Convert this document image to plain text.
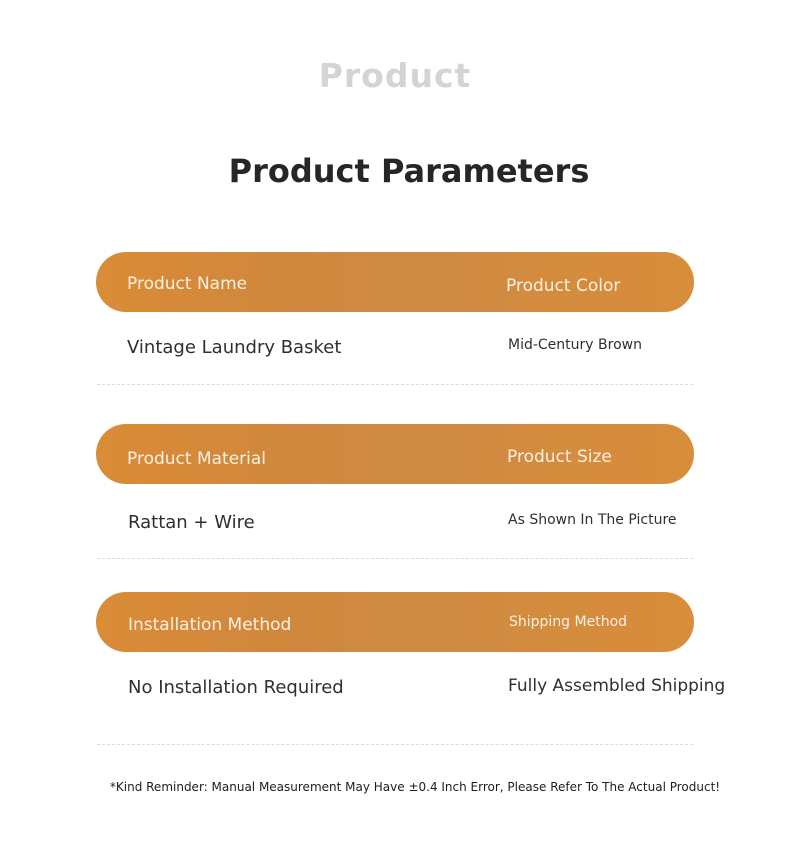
Product
Product Parameters
Product Name	Product Color
Vintage Laundry Basket	Mid-Century Brown
Product Material	Product Size
Rattan + Wire	As Shown In The Picture
Installation Method	Shipping Method
No Installation Required	Fully Assembled Shipping
*Kind Reminder: Manual Measurement May Have ±0.4 Inch Error, Please Refer To The Actual Product!
